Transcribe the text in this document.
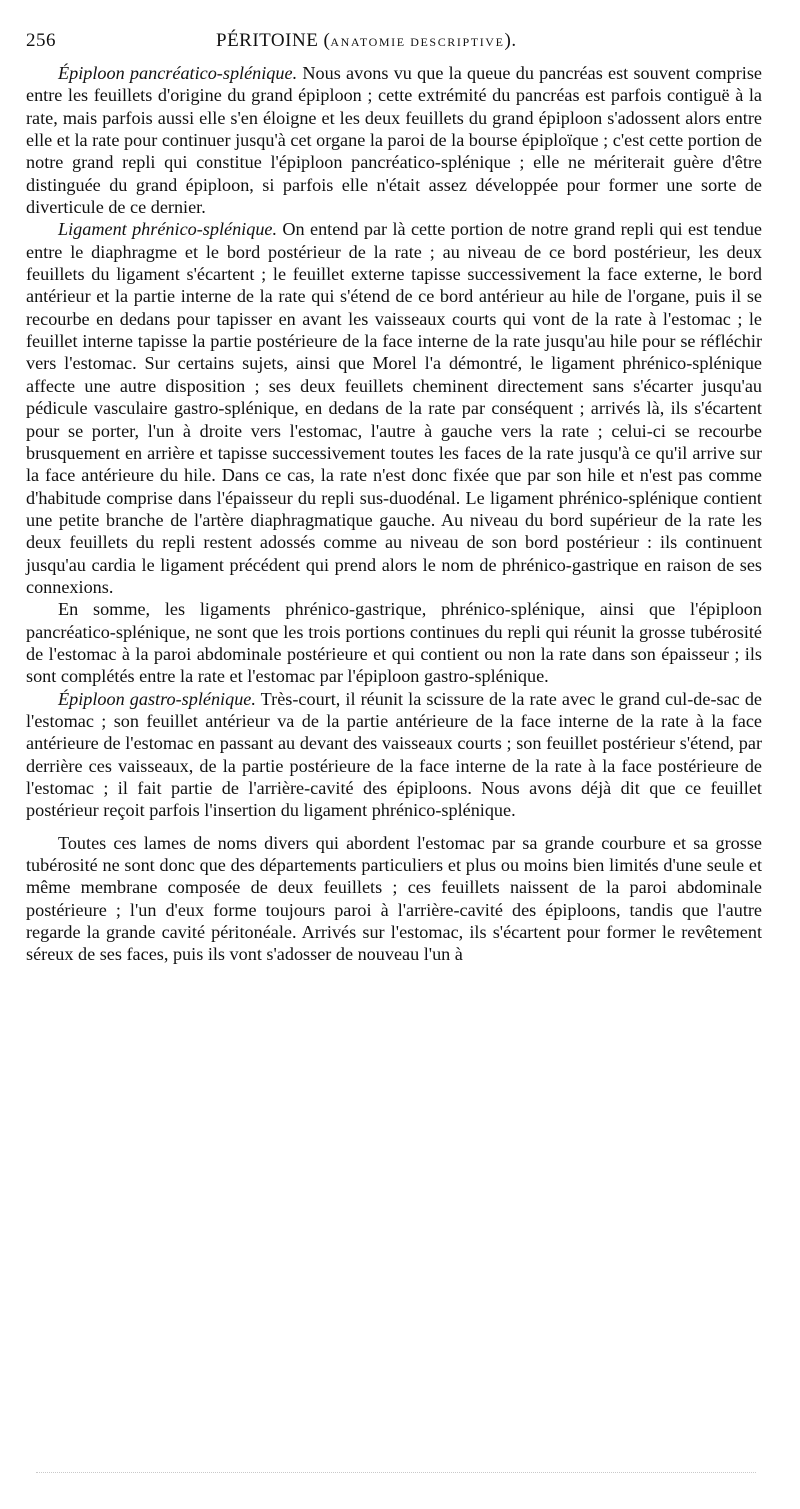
256	PÉRITOINE (ANATOMIE DESCRIPTIVE).

Épiploon pancréatico-splénique. Nous avons vu que la queue du pancréas est souvent comprise entre les feuillets d'origine du grand épiploon ; cette extrémité du pancréas est parfois contiguë à la rate, mais parfois aussi elle s'en éloigne et les deux feuillets du grand épiploon s'adossent alors entre elle et la rate pour continuer jusqu'à cet organe la paroi de la bourse épiploïque ; c'est cette portion de notre grand repli qui constitue l'épiploon pancréatico-splénique ; elle ne mériterait guère d'être distinguée du grand épiploon, si parfois elle n'était assez développée pour former une sorte de diverticule de ce dernier.

Ligament phrénico-splénique. On entend par là cette portion de notre grand repli qui est tendue entre le diaphragme et le bord postérieur de la rate ; au niveau de ce bord postérieur, les deux feuillets du ligament s'écartent ; le feuillet externe tapisse successivement la face externe, le bord antérieur et la partie interne de la rate qui s'étend de ce bord antérieur au hile de l'organe, puis il se recourbe en dedans pour tapisser en avant les vaisseaux courts qui vont de la rate à l'estomac ; le feuillet interne tapisse la partie postérieure de la face interne de la rate jusqu'au hile pour se réfléchir vers l'estomac. Sur certains sujets, ainsi que Morel l'a démontré, le ligament phrénico-splénique affecte une autre disposition ; ses deux feuillets cheminent directement sans s'écarter jusqu'au pédicule vasculaire gastro-splénique, en dedans de la rate par conséquent ; arrivés là, ils s'écartent pour se porter, l'un à droite vers l'estomac, l'autre à gauche vers la rate ; celui-ci se recourbe brusquement en arrière et tapisse successivement toutes les faces de la rate jusqu'à ce qu'il arrive sur la face antérieure du hile. Dans ce cas, la rate n'est donc fixée que par son hile et n'est pas comme d'habitude comprise dans l'épaisseur du repli sus-duodénal. Le ligament phrénico-splénique contient une petite branche de l'artère diaphragmatique gauche. Au niveau du bord supérieur de la rate les deux feuillets du repli restent adossés comme au niveau de son bord postérieur : ils continuent jusqu'au cardia le ligament précédent qui prend alors le nom de phrénico-gastrique en raison de ses connexions.

En somme, les ligaments phrénico-gastrique, phrénico-splénique, ainsi que l'épiploon pancréatico-splénique, ne sont que les trois portions continues du repli qui réunit la grosse tubérosité de l'estomac à la paroi abdominale postérieure et qui contient ou non la rate dans son épaisseur ; ils sont complétés entre la rate et l'estomac par l'épiploon gastro-splénique.

Épiploon gastro-splénique. Très-court, il réunit la scissure de la rate avec le grand cul-de-sac de l'estomac ; son feuillet antérieur va de la partie antérieure de la face interne de la rate à la face antérieure de l'estomac en passant au devant des vaisseaux courts ; son feuillet postérieur s'étend, par derrière ces vaisseaux, de la partie postérieure de la face interne de la rate à la face postérieure de l'estomac ; il fait partie de l'arrière-cavité des épiploons. Nous avons déjà dit que ce feuillet postérieur reçoit parfois l'insertion du ligament phrénico-splénique.

Toutes ces lames de noms divers qui abordent l'estomac par sa grande courbure et sa grosse tubérosité ne sont donc que des départements particuliers et plus ou moins bien limités d'une seule et même membrane composée de deux feuillets ; ces feuillets naissent de la paroi abdominale postérieure ; l'un d'eux forme toujours paroi à l'arrière-cavité des épiploons, tandis que l'autre regarde la grande cavité péritonéale. Arrivés sur l'estomac, ils s'écartent pour former le revêtement séreux de ses faces, puis ils vont s'adosser de nouveau l'un à
